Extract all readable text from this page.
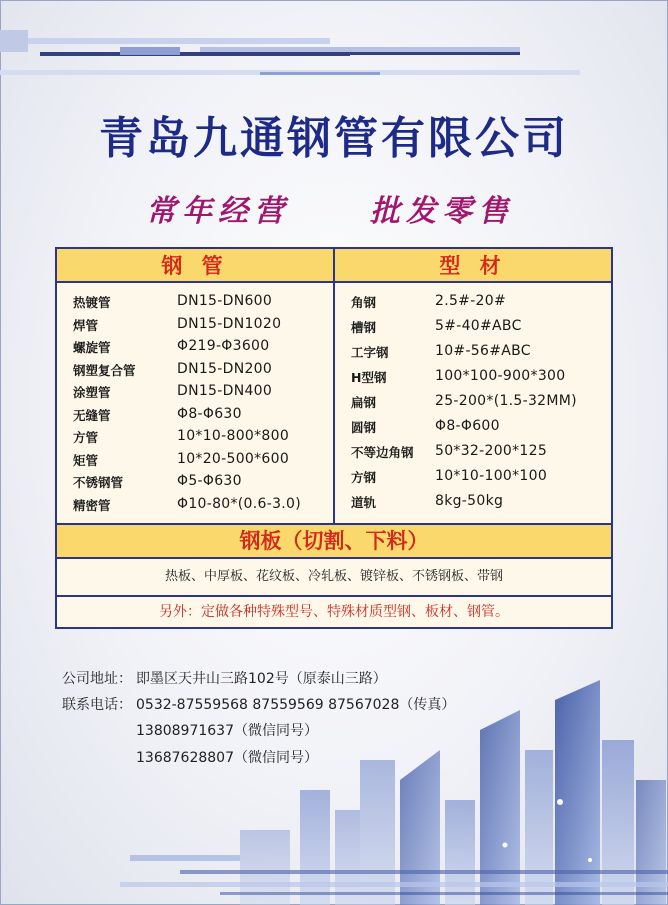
青岛九通钢管有限公司
常年经营	批发零售
钢 管	型 材
热镀管	DN15-DN600
焊管	DN15-DN1020
螺旋管	Φ219-Φ3600
钢塑复合管	DN15-DN200
涂塑管	DN15-DN400
无缝管	Φ8-Φ630
方管	10*10-800*800
矩管	10*20-500*600
不锈钢管	Φ5-Φ630
精密管	Φ10-80*(0.6-3.0)
角钢	2.5#-20#
槽钢	5#-40#ABC
工字钢	10#-56#ABC
H型钢	100*100-900*300
扁钢	25-200*(1.5-32MM)
圆钢	Φ8-Φ600
不等边角钢 50*32-200*125
方钢	10*10-100*100
道轨	8kg-50kg
钢板（切割、下料）
热板、中厚板、花纹板、冷轧板、镀锌板、不锈钢板、带钢
另外：定做各种特殊型号、特殊材质型钢、板材、钢管。
公司地址： 即墨区天井山三路102号（原泰山三路）
联系电话： 0532-87559568 87559569 87567028（传真）
13808971637（微信同号）
13687628807（微信同号）
